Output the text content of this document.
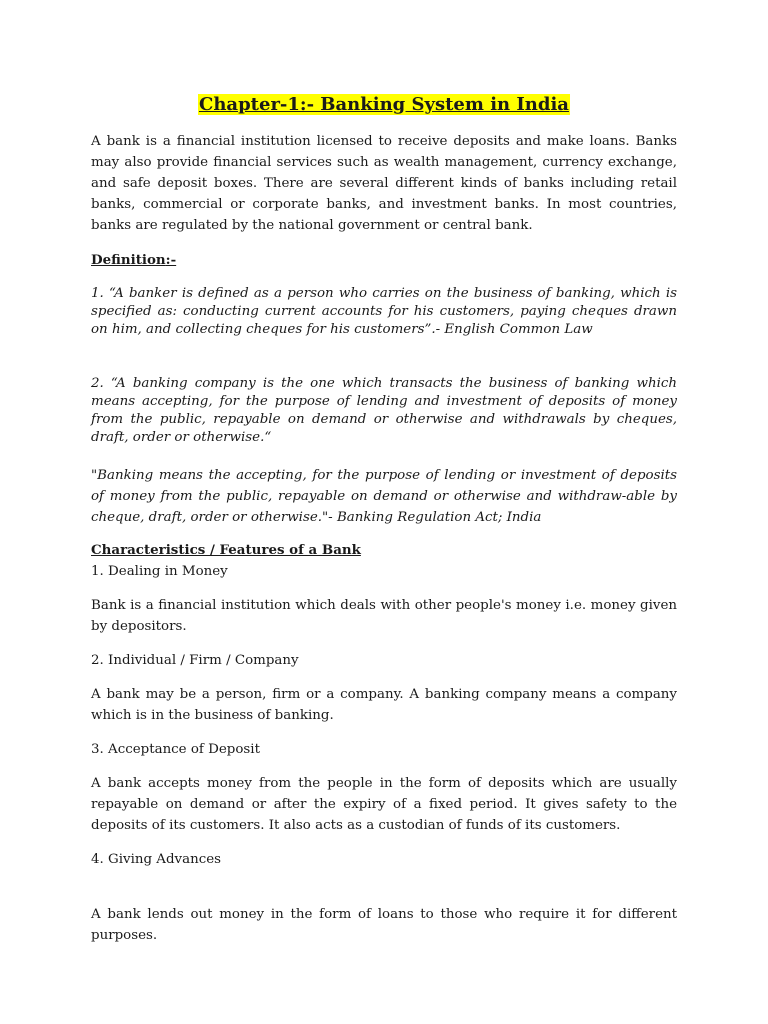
Chapter-1:- Banking System in India

A bank is a financial institution licensed to receive deposits and make loans. Banks may also provide financial services such as wealth management, currency exchange, and safe deposit boxes. There are several different kinds of banks including retail banks, commercial or corporate banks, and investment banks. In most countries, banks are regulated by the national government or central bank.

Definition:-

1. “A banker is defined as a person who carries on the business of banking, which is specified as: conducting current accounts for his customers, paying cheques drawn on him, and collecting cheques for his customers”.- English Common Law

2. “A banking company is the one which transacts the business of banking which means accepting, for the purpose of lending and investment of deposits of money from the public, repayable on demand or otherwise and withdrawals by cheques, draft, order or otherwise.“

"Banking means the accepting, for the purpose of lending or investment of deposits of money from the public, repayable on demand or otherwise and withdraw-able by cheque, draft, order or otherwise."- Banking Regulation Act; India

Characteristics / Features of a Bank

1. Dealing in Money

Bank is a financial institution which deals with other people's money i.e. money given by depositors.

2. Individual / Firm / Company

A bank may be a person, firm or a company. A banking company means a company which is in the business of banking.

3. Acceptance of Deposit

A bank accepts money from the people in the form of deposits which are usually repayable on demand or after the expiry of a fixed period. It gives safety to the deposits of its customers. It also acts as a custodian of funds of its customers.

4. Giving Advances

A bank lends out money in the form of loans to those who require it for different purposes.
